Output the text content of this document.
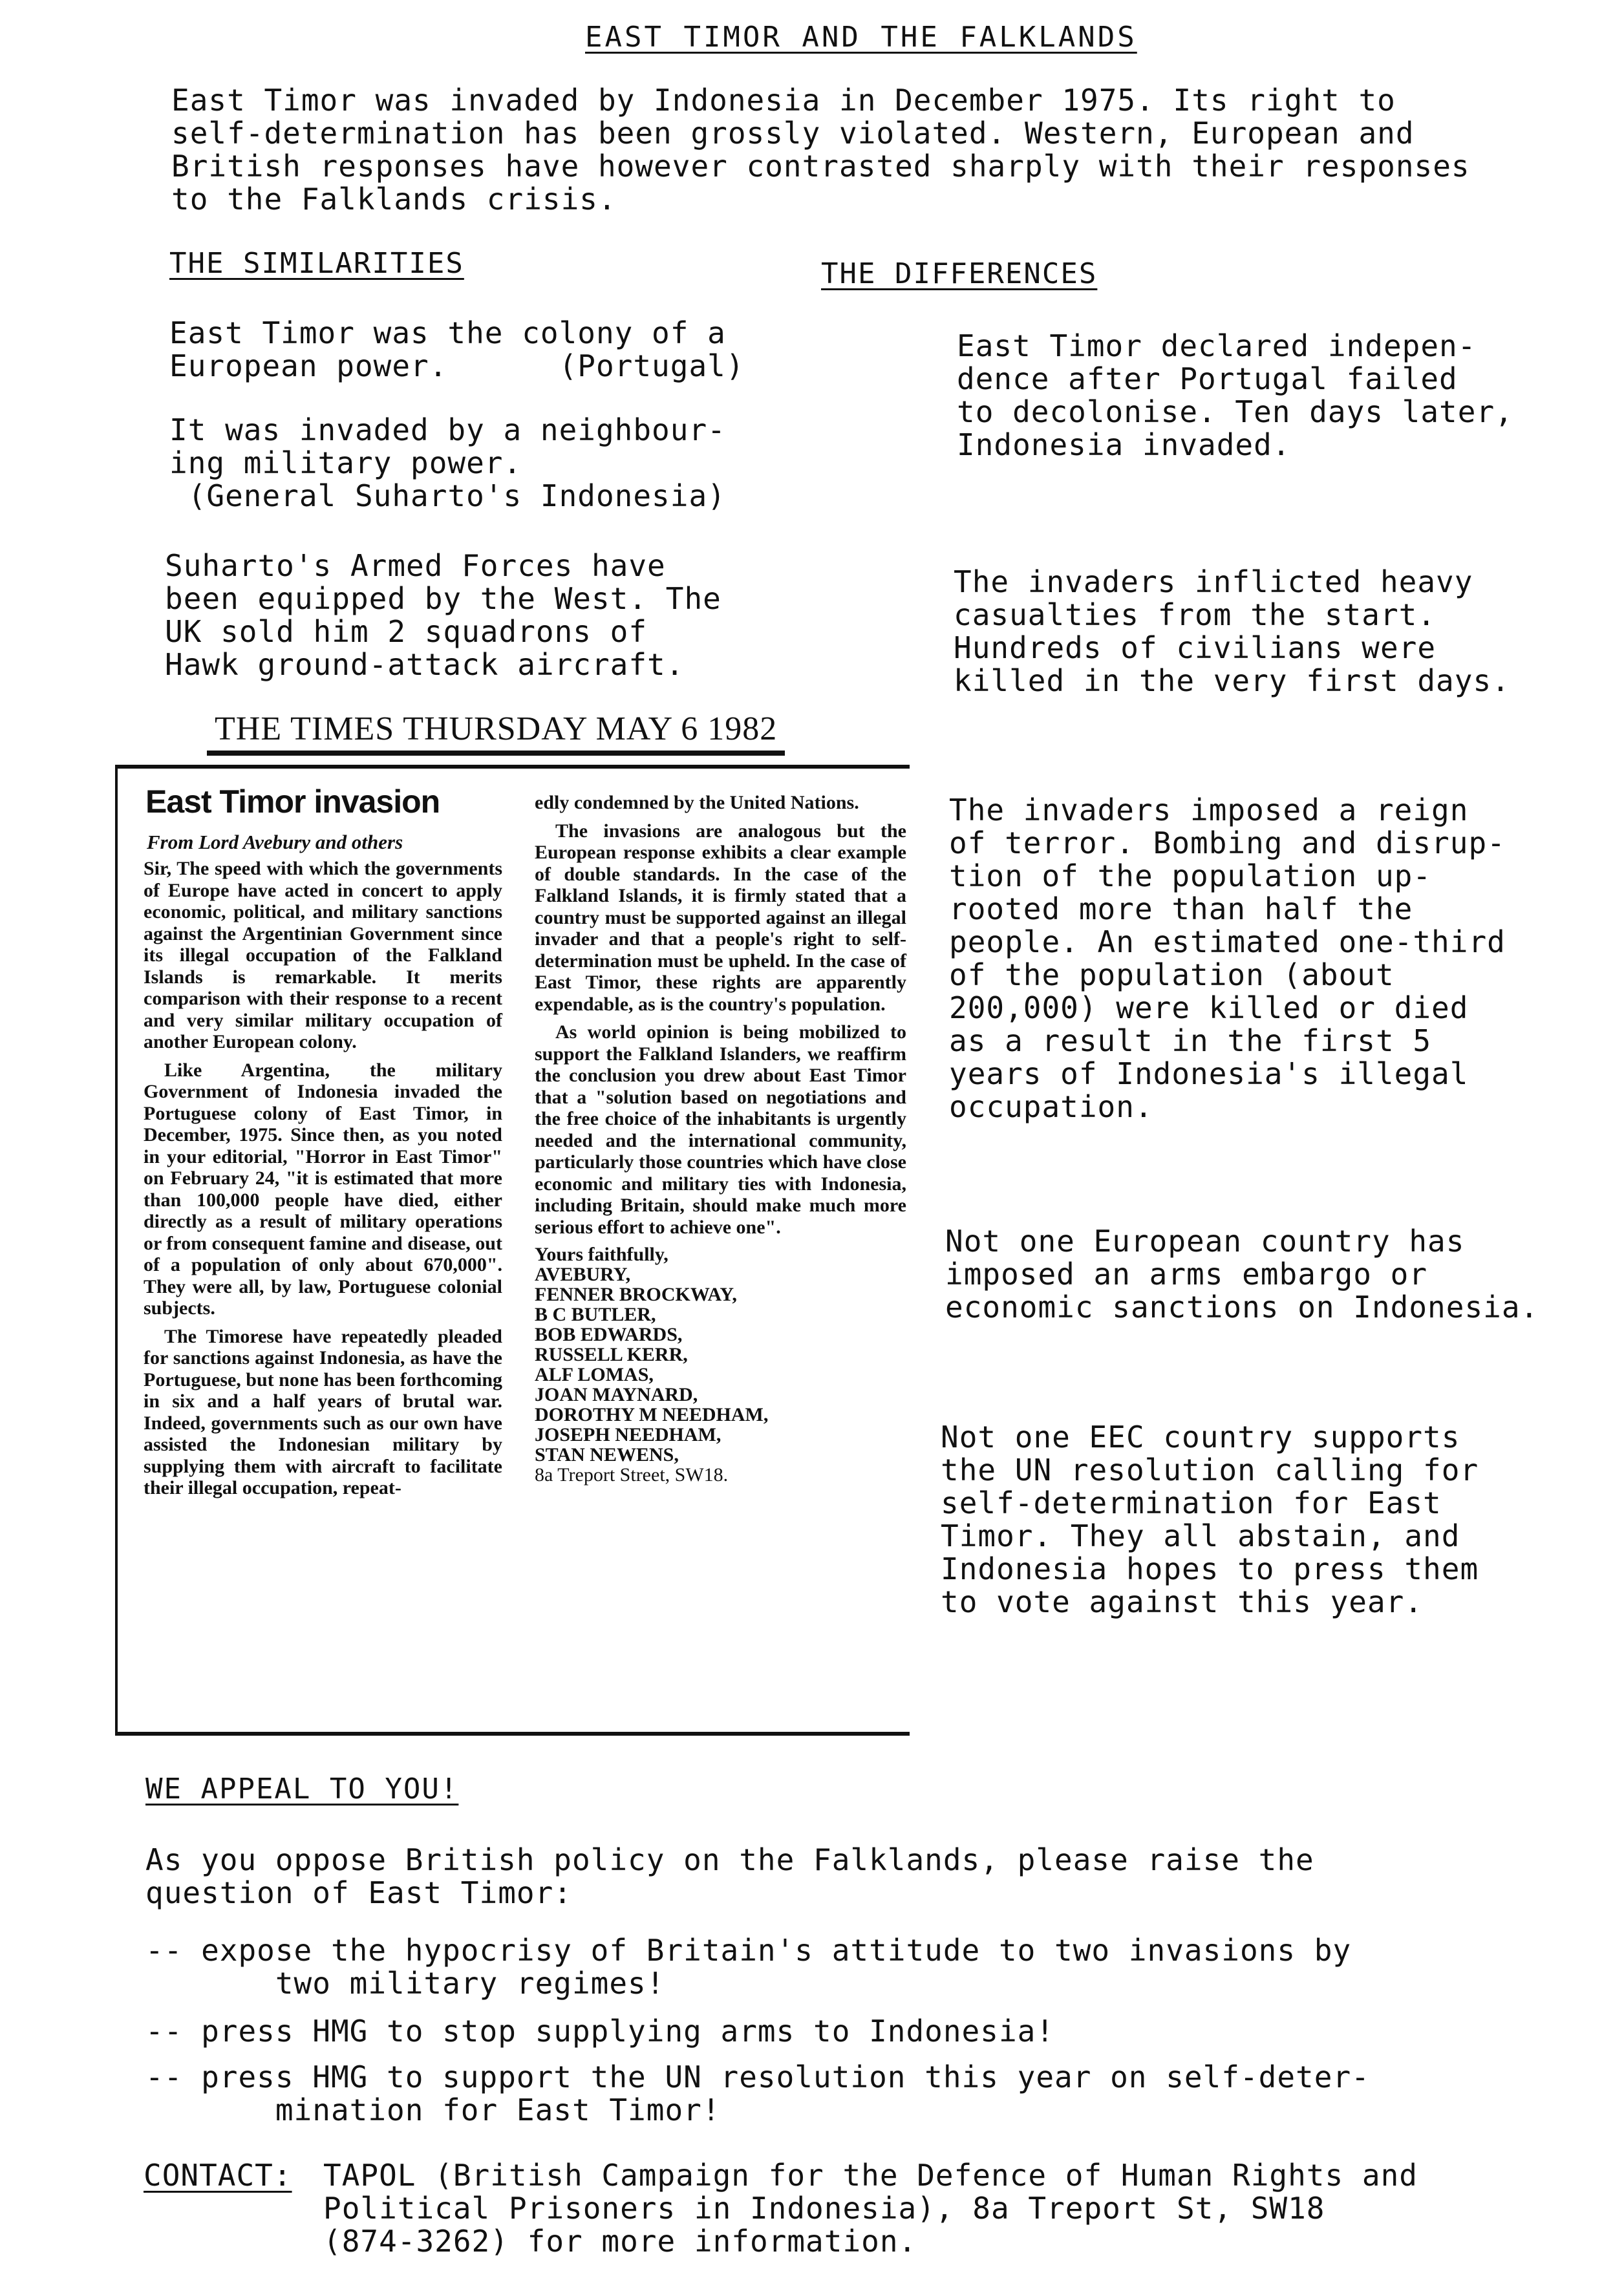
EAST TIMOR AND THE FALKLANDS
East Timor was invaded by Indonesia in December 1975. Its right to
self-determination has been grossly violated. Western, European and
British responses have however contrasted sharply with their responses
to the Falklands crisis.
THE SIMILARITIES	THE DIFFERENCES
East Timor was the colony of a
European power.      (Portugal)
It was invaded by a neighbour-
ing military power.
(General Suharto's Indonesia)
Suharto's Armed Forces have
been equipped by the West. The
UK sold him 2 squadrons of
Hawk ground-attack aircraft.
East Timor declared indepen-
dence after Portugal failed
to decolonise. Ten days later,
Indonesia invaded.
The invaders inflicted heavy
casualties from the start.
Hundreds of civilians were
killed in the very first days.
The invaders imposed a reign
of terror. Bombing and disrup-
tion of the population up-
rooted more than half the
people. An estimated one-third
of the population (about
200,000) were killed or died
as a result in the first 5
years of Indonesia's illegal
occupation.
Not one European country has
imposed an arms embargo or
economic sanctions on Indonesia.
Not one EEC country supports
the UN resolution calling for
self-determination for East
Timor. They all abstain, and
Indonesia hopes to press them
to vote against this year.
THE TIMES THURSDAY MAY 6 1982
East Timor invasion
From Lord Avebury and others

Sir, The speed with which the governments of Europe have acted in concert to apply economic, political, and military sanctions against the Argentinian Government since its illegal occupation of the Falkland Islands is remarkable. It merits comparison with their response to a recent and very similar military occupation of another European colony.

Like Argentina, the military Government of Indonesia invaded the Portuguese colony of East Timor, in December, 1975. Since then, as you noted in your editorial, "Horror in East Timor" on February 24, "it is estimated that more than 100,000 people have died, either directly as a result of military operations or from consequent famine and disease, out of a population of only about 670,000". They were all, by law, Portuguese colonial subjects.

The Timorese have repeatedly pleaded for sanctions against Indonesia, as have the Portuguese, but none has been forthcoming in six and a half years of brutal war. Indeed, governments such as our own have assisted the Indonesian military by supplying them with aircraft to facilitate their illegal occupation, repeat-

edly condemned by the United Nations.

The invasions are analogous but the European response exhibits a clear example of double standards. In the case of the Falkland Islands, it is firmly stated that a country must be supported against an illegal invader and that a people's right to self-determination must be upheld. In the case of East Timor, these rights are apparently expendable, as is the country's population.

As world opinion is being mobilized to support the Falkland Islanders, we reaffirm the conclusion you drew about East Timor that a "solution based on negotiations and the free choice of the inhabitants is urgently needed and the international community, particularly those countries which have close economic and military ties with Indonesia, including Britain, should make much more serious effort to achieve one".

Yours faithfully,

AVEBURY,

FENNER BROCKWAY,

B C BUTLER,

BOB EDWARDS,

RUSSELL KERR,

ALF LOMAS,

JOAN MAYNARD,

DOROTHY M NEEDHAM,

JOSEPH NEEDHAM,

STAN NEWENS,

8a Treport Street, SW18.

WE APPEAL TO YOU!
As you oppose British policy on the Falklands, please raise the
question of East Timor:
-- expose the hypocrisy of Britain's attitude to two invasions by
two military regimes!
-- press HMG to stop supplying arms to Indonesia!
-- press HMG to support the UN resolution this year on self-deter-
mination for East Timor!
CONTACT: TAPOL (British Campaign for the Defence of Human Rights and
Political Prisoners in Indonesia), 8a Treport St, SW18
(874-3262) for more information.
